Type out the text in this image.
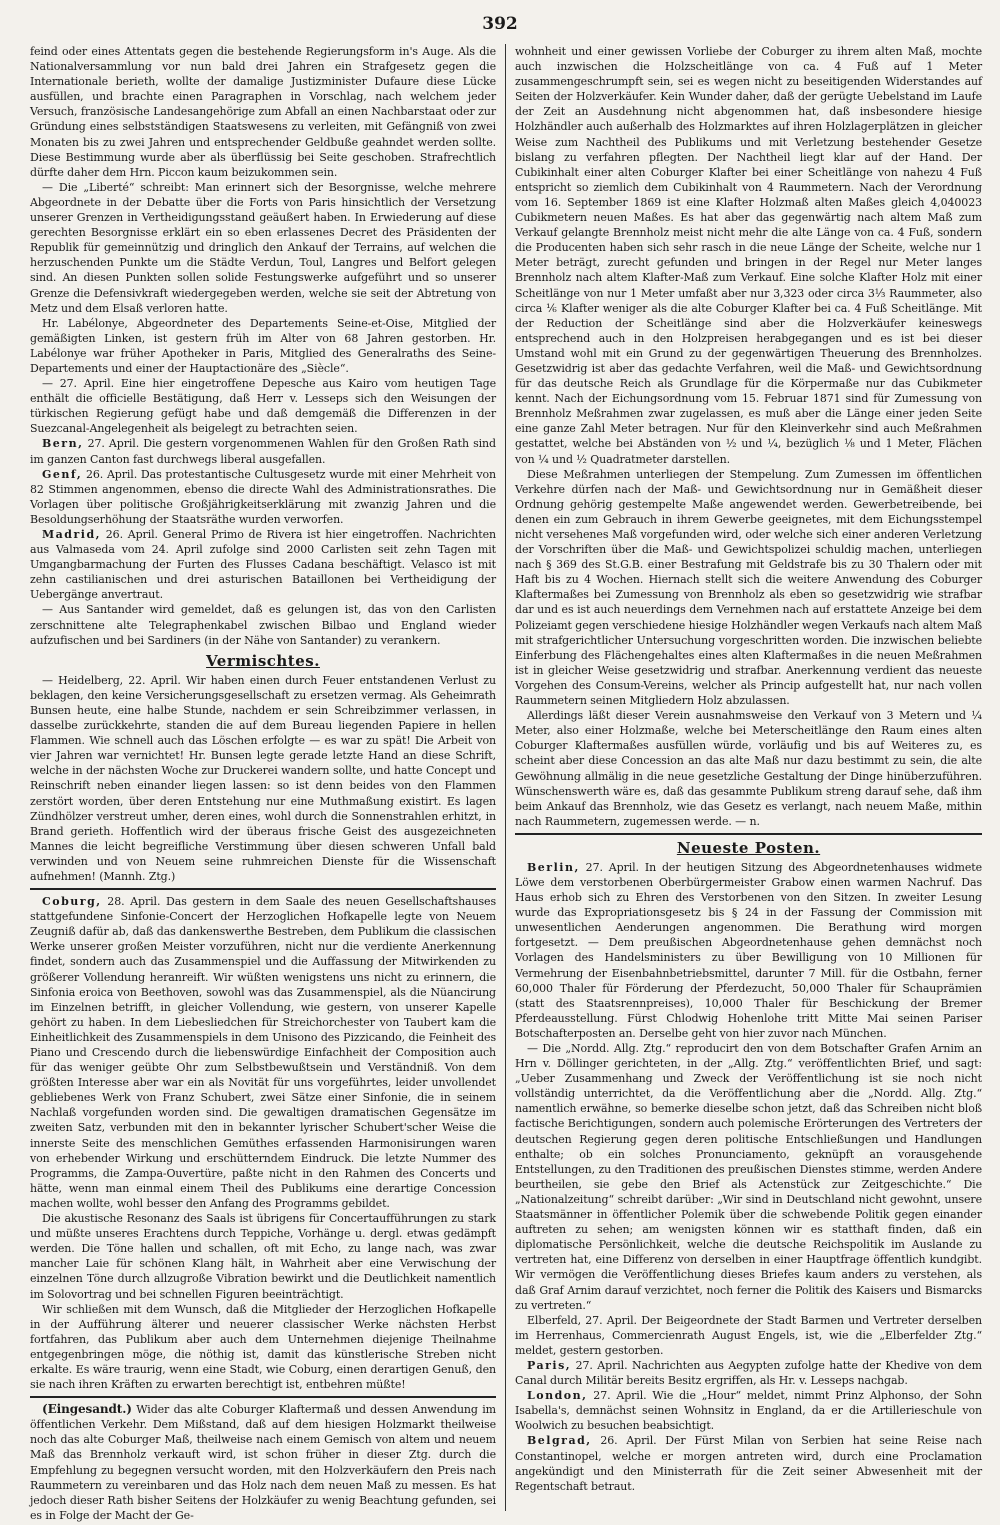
392

feind oder eines Attentats gegen die bestehende Regierungsform in's Auge. Als die Nationalversammlung vor nun bald drei Jahren ein Strafgesetz gegen die Internationale berieth, wollte der damalige Justizminister Dufaure diese Lücke ausfüllen, und brachte einen Paragraphen in Vorschlag, nach welchem jeder Versuch, französische Landesangehörige zum Abfall an einen Nachbarstaat oder zur Gründung eines selbstständigen Staatswesens zu verleiten, mit Gefängniß von zwei Monaten bis zu zwei Jahren und entsprechender Geldbuße geahndet werden sollte. Diese Bestimmung wurde aber als überflüssig bei Seite geschoben. Strafrechtlich dürfte daher dem Hrn. Piccon kaum beizukommen sein.

— Die „Liberté“ schreibt: Man erinnert sich der Besorgnisse, welche mehrere Abgeordnete in der Debatte über die Forts von Paris hinsichtlich der Versetzung unserer Grenzen in Vertheidigungsstand geäußert haben. In Erwiederung auf diese gerechten Besorgnisse erklärt ein so eben erlassenes Decret des Präsidenten der Republik für gemeinnützig und dringlich den Ankauf der Terrains, auf welchen die herzuschenden Punkte um die Städte Verdun, Toul, Langres und Belfort gelegen sind. An diesen Punkten sollen solide Festungswerke aufgeführt und so unserer Grenze die Defensivkraft wiedergegeben werden, welche sie seit der Abtretung von Metz und dem Elsaß verloren hatte.

Hr. Labélonye, Abgeordneter des Departements Seine-et-Oise, Mitglied der gemäßigten Linken, ist gestern früh im Alter von 68 Jahren gestorben. Hr. Labélonye war früher Apotheker in Paris, Mitglied des Generalraths des Seine-Departements und einer der Hauptactionäre des „Siècle“.

— 27. April. Eine hier eingetroffene Depesche aus Kairo vom heutigen Tage enthält die officielle Bestätigung, daß Herr v. Lesseps sich den Weisungen der türkischen Regierung gefügt habe und daß demgemäß die Differenzen in der Suezcanal-Angelegenheit als beigelegt zu betrachten seien.

Bern, 27. April. Die gestern vorgenommenen Wahlen für den Großen Rath sind im ganzen Canton fast durchwegs liberal ausgefallen.

Genf, 26. April. Das protestantische Cultusgesetz wurde mit einer Mehrheit von 82 Stimmen angenommen, ebenso die directe Wahl des Administrationsrathes. Die Vorlagen über politische Großjährigkeitserklärung mit zwanzig Jahren und die Besoldungserhöhung der Staatsräthe wurden verworfen.

Madrid, 26. April. General Primo de Rivera ist hier eingetroffen. Nachrichten aus Valmaseda vom 24. April zufolge sind 2000 Carlisten seit zehn Tagen mit Umgangbarmachung der Furten des Flusses Cadana beschäftigt. Velasco ist mit zehn castilianischen und drei asturischen Bataillonen bei Vertheidigung der Uebergänge anvertraut.

— Aus Santander wird gemeldet, daß es gelungen ist, das von den Carlisten zerschnittene alte Telegraphenkabel zwischen Bilbao und England wieder aufzufischen und bei Sardiners (in der Nähe von Santander) zu verankern.

Vermischtes.

— Heidelberg, 22. April. Wir haben einen durch Feuer entstandenen Verlust zu beklagen, den keine Versicherungsgesellschaft zu ersetzen vermag. Als Geheimrath Bunsen heute, eine halbe Stunde, nachdem er sein Schreibzimmer verlassen, in dasselbe zurückkehrte, standen die auf dem Bureau liegenden Papiere in hellen Flammen. Wie schnell auch das Löschen erfolgte — es war zu spät! Die Arbeit von vier Jahren war vernichtet! Hr. Bunsen legte gerade letzte Hand an diese Schrift, welche in der nächsten Woche zur Druckerei wandern sollte, und hatte Concept und Reinschrift neben einander liegen lassen: so ist denn beides von den Flammen zerstört worden, über deren Entstehung nur eine Muthmaßung existirt. Es lagen Zündhölzer verstreut umher, deren eines, wohl durch die Sonnenstrahlen erhitzt, in Brand gerieth. Hoffentlich wird der überaus frische Geist des ausgezeichneten Mannes die leicht begreifliche Verstimmung über diesen schweren Unfall bald verwinden und von Neuem seine ruhmreichen Dienste für die Wissenschaft aufnehmen! (Mannh. Ztg.)

Coburg, 28. April. Das gestern in dem Saale des neuen Gesellschaftshauses stattgefundene Sinfonie-Concert der Herzoglichen Hofkapelle legte von Neuem Zeugniß dafür ab, daß das dankenswerthe Bestreben, dem Publikum die classischen Werke unserer großen Meister vorzuführen, nicht nur die verdiente Anerkennung findet, sondern auch das Zusammenspiel und die Auffassung der Mitwirkenden zu größerer Vollendung heranreift. Wir wüßten wenigstens uns nicht zu erinnern, die Sinfonia eroica von Beethoven, sowohl was das Zusammenspiel, als die Nüancirung im Einzelnen betrifft, in gleicher Vollendung, wie gestern, von unserer Kapelle gehört zu haben. In dem Liebesliedchen für Streichorchester von Taubert kam die Einheitlichkeit des Zusammenspiels in dem Unisono des Pizzicando, die Feinheit des Piano und Crescendo durch die liebenswürdige Einfachheit der Composition auch für das weniger geübte Ohr zum Selbstbewußtsein und Verständniß. Von dem größten Interesse aber war ein als Novität für uns vorgeführtes, leider unvollendet gebliebenes Werk von Franz Schubert, zwei Sätze einer Sinfonie, die in seinem Nachlaß vorgefunden worden sind. Die gewaltigen dramatischen Gegensätze im zweiten Satz, verbunden mit den in bekannter lyrischer Schubert'scher Weise die innerste Seite des menschlichen Gemüthes erfassenden Harmonisirungen waren von erhebender Wirkung und erschütterndem Eindruck. Die letzte Nummer des Programms, die Zampa-Ouvertüre, paßte nicht in den Rahmen des Concerts und hätte, wenn man einmal einem Theil des Publikums eine derartige Concession machen wollte, wohl besser den Anfang des Programms gebildet.

Die akustische Resonanz des Saals ist übrigens für Concertaufführungen zu stark und müßte unseres Erachtens durch Teppiche, Vorhänge u. dergl. etwas gedämpft werden. Die Töne hallen und schallen, oft mit Echo, zu lange nach, was zwar mancher Laie für schönen Klang hält, in Wahrheit aber eine Verwischung der einzelnen Töne durch allzugroße Vibration bewirkt und die Deutlichkeit namentlich im Solovortrag und bei schnellen Figuren beeinträchtigt.

Wir schließen mit dem Wunsch, daß die Mitglieder der Herzoglichen Hofkapelle in der Aufführung älterer und neuerer classischer Werke nächsten Herbst fortfahren, das Publikum aber auch dem Unternehmen diejenige Theilnahme entgegenbringen möge, die nöthig ist, damit das künstlerische Streben nicht erkalte. Es wäre traurig, wenn eine Stadt, wie Coburg, einen derartigen Genuß, den sie nach ihren Kräften zu erwarten berechtigt ist, entbehren müßte!

(Eingesandt.) Wider das alte Coburger Klaftermaß und dessen Anwendung im öffentlichen Verkehr. Dem Mißstand, daß auf dem hiesigen Holzmarkt theilweise noch das alte Coburger Maß, theilweise nach einem Gemisch von altem und neuem Maß das Brennholz verkauft wird, ist schon früher in dieser Ztg. durch die Empfehlung zu begegnen versucht worden, mit den Holzverkäufern den Preis nach Raummetern zu vereinbaren und das Holz nach dem neuen Maß zu messen. Es hat jedoch dieser Rath bisher Seitens der Holzkäufer zu wenig Beachtung gefunden, sei es in Folge der Macht der Ge-

wohnheit und einer gewissen Vorliebe der Coburger zu ihrem alten Maß, mochte auch inzwischen die Holzscheitlänge von ca. 4 Fuß auf 1 Meter zusammengeschrumpft sein, sei es wegen nicht zu beseitigenden Widerstandes auf Seiten der Holzverkäufer. Kein Wunder daher, daß der gerügte Uebelstand im Laufe der Zeit an Ausdehnung nicht abgenommen hat, daß insbesondere hiesige Holzhändler auch außerhalb des Holzmarktes auf ihren Holzlagerplätzen in gleicher Weise zum Nachtheil des Publikums und mit Verletzung bestehender Gesetze bislang zu verfahren pflegten. Der Nachtheil liegt klar auf der Hand. Der Cubikinhalt einer alten Coburger Klafter bei einer Scheitlänge von nahezu 4 Fuß entspricht so ziemlich dem Cubikinhalt von 4 Raummetern. Nach der Verordnung vom 16. September 1869 ist eine Klafter Holzmaß alten Maßes gleich 4,040023 Cubikmetern neuen Maßes. Es hat aber das gegenwärtig nach altem Maß zum Verkauf gelangte Brennholz meist nicht mehr die alte Länge von ca. 4 Fuß, sondern die Producenten haben sich sehr rasch in die neue Länge der Scheite, welche nur 1 Meter beträgt, zurecht gefunden und bringen in der Regel nur Meter langes Brennholz nach altem Klafter-Maß zum Verkauf. Eine solche Klafter Holz mit einer Scheitlänge von nur 1 Meter umfaßt aber nur 3,323 oder circa 3⅓ Raummeter, also circa ⅙ Klafter weniger als die alte Coburger Klafter bei ca. 4 Fuß Scheitlänge. Mit der Reduction der Scheitlänge sind aber die Holzverkäufer keineswegs entsprechend auch in den Holzpreisen herabgegangen und es ist bei dieser Umstand wohl mit ein Grund zu der gegenwärtigen Theuerung des Brennholzes. Gesetzwidrig ist aber das gedachte Verfahren, weil die Maß- und Gewichtsordnung für das deutsche Reich als Grundlage für die Körpermaße nur das Cubikmeter kennt. Nach der Eichungsordnung vom 15. Februar 1871 sind für Zumessung von Brennholz Meßrahmen zwar zugelassen, es muß aber die Länge einer jeden Seite eine ganze Zahl Meter betragen. Nur für den Kleinverkehr sind auch Meßrahmen gestattet, welche bei Abständen von ½ und ¼, bezüglich ⅛ und 1 Meter, Flächen von ¼ und ½ Quadratmeter darstellen.

Diese Meßrahmen unterliegen der Stempelung. Zum Zumessen im öffentlichen Verkehre dürfen nach der Maß- und Gewichtsordnung nur in Gemäßheit dieser Ordnung gehörig gestempelte Maße angewendet werden. Gewerbetreibende, bei denen ein zum Gebrauch in ihrem Gewerbe geeignetes, mit dem Eichungsstempel nicht versehenes Maß vorgefunden wird, oder welche sich einer anderen Verletzung der Vorschriften über die Maß- und Gewichtspolizei schuldig machen, unterliegen nach § 369 des St.G.B. einer Bestrafung mit Geldstrafe bis zu 30 Thalern oder mit Haft bis zu 4 Wochen. Hiernach stellt sich die weitere Anwendung des Coburger Klaftermaßes bei Zumessung von Brennholz als eben so gesetzwidrig wie strafbar dar und es ist auch neuerdings dem Vernehmen nach auf erstattete Anzeige bei dem Polizeiamt gegen verschiedene hiesige Holzhändler wegen Verkaufs nach altem Maß mit strafgerichtlicher Untersuchung vorgeschritten worden. Die inzwischen beliebte Einferbung des Flächengehaltes eines alten Klaftermaßes in die neuen Meßrahmen ist in gleicher Weise gesetzwidrig und strafbar. Anerkennung verdient das neueste Vorgehen des Consum-Vereins, welcher als Princip aufgestellt hat, nur nach vollen Raummetern seinen Mitgliedern Holz abzulassen.

Allerdings läßt dieser Verein ausnahmsweise den Verkauf von 3 Metern und ¼ Meter, also einer Holzmaße, welche bei Meterscheitlänge den Raum eines alten Coburger Klaftermaßes ausfüllen würde, vorläufig und bis auf Weiteres zu, es scheint aber diese Concession an das alte Maß nur dazu bestimmt zu sein, die alte Gewöhnung allmälig in die neue gesetzliche Gestaltung der Dinge hinüberzuführen. Wünschenswerth wäre es, daß das gesammte Publikum streng darauf sehe, daß ihm beim Ankauf das Brennholz, wie das Gesetz es verlangt, nach neuem Maße, mithin nach Raummetern, zugemessen werde. — n.

Neueste Posten.

Berlin, 27. April. In der heutigen Sitzung des Abgeordnetenhauses widmete Löwe dem verstorbenen Oberbürgermeister Grabow einen warmen Nachruf. Das Haus erhob sich zu Ehren des Verstorbenen von den Sitzen. In zweiter Lesung wurde das Expropriationsgesetz bis § 24 in der Fassung der Commission mit unwesentlichen Aenderungen angenommen. Die Berathung wird morgen fortgesetzt. — Dem preußischen Abgeordnetenhause gehen demnächst noch Vorlagen des Handelsministers zu über Bewilligung von 10 Millionen für Vermehrung der Eisenbahnbetriebsmittel, darunter 7 Mill. für die Ostbahn, ferner 60,000 Thaler für Förderung der Pferdezucht, 50,000 Thaler für Schauprämien (statt des Staatsrennpreises), 10,000 Thaler für Beschickung der Bremer Pferdeausstellung. Fürst Chlodwig Hohenlohe tritt Mitte Mai seinen Pariser Botschafterposten an. Derselbe geht von hier zuvor nach München.

— Die „Nordd. Allg. Ztg.“ reproducirt den von dem Botschafter Grafen Arnim an Hrn v. Döllinger gerichteten, in der „Allg. Ztg.“ veröffentlichten Brief, und sagt: „Ueber Zusammenhang und Zweck der Veröffentlichung ist sie noch nicht vollständig unterrichtet, da die Veröffentlichung aber die „Nordd. Allg. Ztg.“ namentlich erwähne, so bemerke dieselbe schon jetzt, daß das Schreiben nicht bloß factische Berichtigungen, sondern auch polemische Erörterungen des Vertreters der deutschen Regierung gegen deren politische Entschließungen und Handlungen enthalte; ob ein solches Pronunciamento, geknüpft an vorausgehende Entstellungen, zu den Traditionen des preußischen Dienstes stimme, werden Andere beurtheilen, sie gebe den Brief als Actenstück zur Zeitgeschichte.“ Die „Nationalzeitung“ schreibt darüber: „Wir sind in Deutschland nicht gewohnt, unsere Staatsmänner in öffentlicher Polemik über die schwebende Politik gegen einander auftreten zu sehen; am wenigsten können wir es statthaft finden, daß ein diplomatische Persönlichkeit, welche die deutsche Reichspolitik im Auslande zu vertreten hat, eine Differenz von derselben in einer Hauptfrage öffentlich kundgibt. Wir vermögen die Veröffentlichung dieses Briefes kaum anders zu verstehen, als daß Graf Arnim darauf verzichtet, noch ferner die Politik des Kaisers und Bismarcks zu vertreten.“

Elberfeld, 27. April. Der Beigeordnete der Stadt Barmen und Vertreter derselben im Herrenhaus, Commercienrath August Engels, ist, wie die „Elberfelder Ztg.“ meldet, gestern gestorben.

Paris, 27. April. Nachrichten aus Aegypten zufolge hatte der Khedive von dem Canal durch Militär bereits Besitz ergriffen, als Hr. v. Lesseps nachgab.

London, 27. April. Wie die „Hour“ meldet, nimmt Prinz Alphonso, der Sohn Isabella's, demnächst seinen Wohnsitz in England, da er die Artillerieschule von Woolwich zu besuchen beabsichtigt.

Belgrad, 26. April. Der Fürst Milan von Serbien hat seine Reise nach Constantinopel, welche er morgen antreten wird, durch eine Proclamation angekündigt und den Ministerrath für die Zeit seiner Abwesenheit mit der Regentschaft betraut.
